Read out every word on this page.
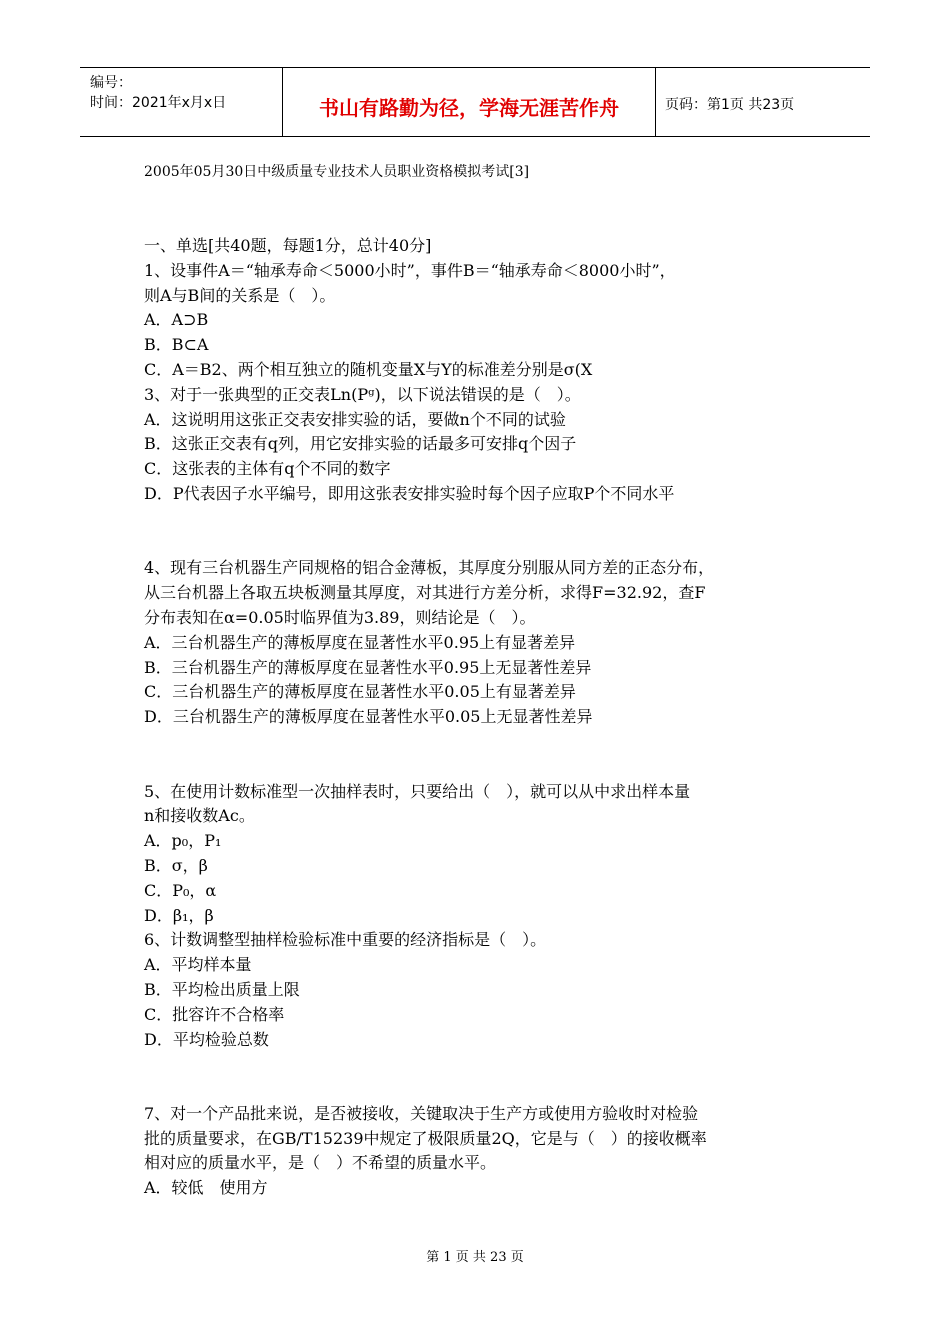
编号：
时间：2021年x月x日	书山有路勤为径，学海无涯苦作舟	页码：第1页 共23页
2005年05月30日中级质量专业技术人员职业资格模拟考试[3]
一、单选[共40题，每题1分，总计40分]
1、设事件A＝“轴承寿命＜5000小时”，事件B＝“轴承寿命＜8000小时”，
则A与B间的关系是（　）。
A．A⊃B
B．B⊂A
C．A＝B2、两个相互独立的随机变量X与Y的标准差分别是σ(X
3、对于一张典型的正交表Ln(Pᵍ)，以下说法错误的是（　）。
A．这说明用这张正交表安排实验的话，要做n个不同的试验
B．这张正交表有q列，用它安排实验的话最多可安排q个因子
C．这张表的主体有q个不同的数字
D．P代表因子水平编号，即用这张表安排实验时每个因子应取P个不同水平
4、现有三台机器生产同规格的铝合金薄板，其厚度分别服从同方差的正态分布，
从三台机器上各取五块板测量其厚度，对其进行方差分析，求得F=32.92，查F
分布表知在α=0.05时临界值为3.89，则结论是（　）。
A．三台机器生产的薄板厚度在显著性水平0.95上有显著差异
B．三台机器生产的薄板厚度在显著性水平0.95上无显著性差异
C．三台机器生产的薄板厚度在显著性水平0.05上有显著差异
D．三台机器生产的薄板厚度在显著性水平0.05上无显著性差异
5、在使用计数标准型一次抽样表时，只要给出（　），就可以从中求出样本量
n和接收数Ac。
A．p₀，P₁
B．σ，β
C．P₀，α
D．β₁，β
6、计数调整型抽样检验标准中重要的经济指标是（　）。
A．平均样本量
B．平均检出质量上限
C．批容许不合格率
D．平均检验总数
7、对一个产品批来说，是否被接收，关键取决于生产方或使用方验收时对检验
批的质量要求，在GB/T15239中规定了极限质量2Q，它是与（　）的接收概率
相对应的质量水平，是（　）不希望的质量水平。
A．较低　使用方
第 1 页 共 23 页
